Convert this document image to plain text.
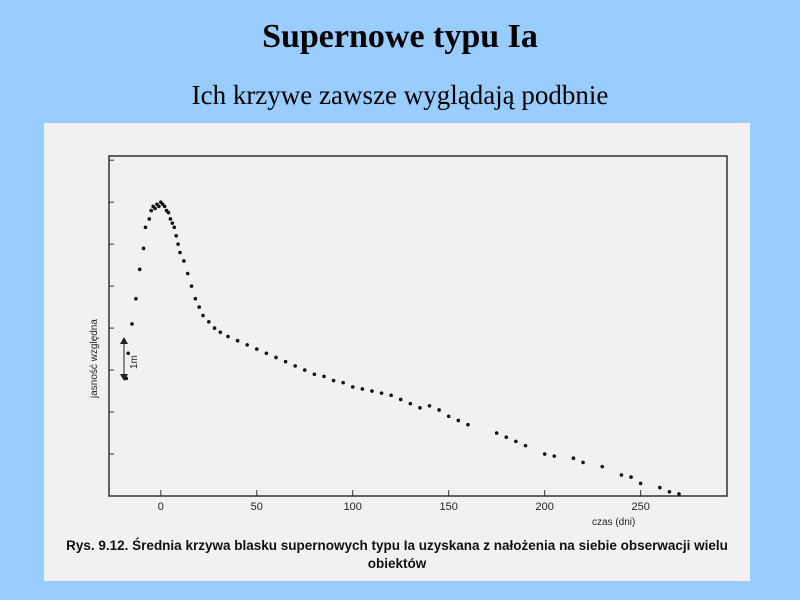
Supernowe typu Ia
Ich krzywe zawsze wyglądają podbnie
0	50	100	150	200	250
jasność względna	1m
czas (dni)
Rys. 9.12. Średnia krzywa blasku supernowych typu Ia uzyskana z nałożenia na siebie obserwacji wielu obiektów
